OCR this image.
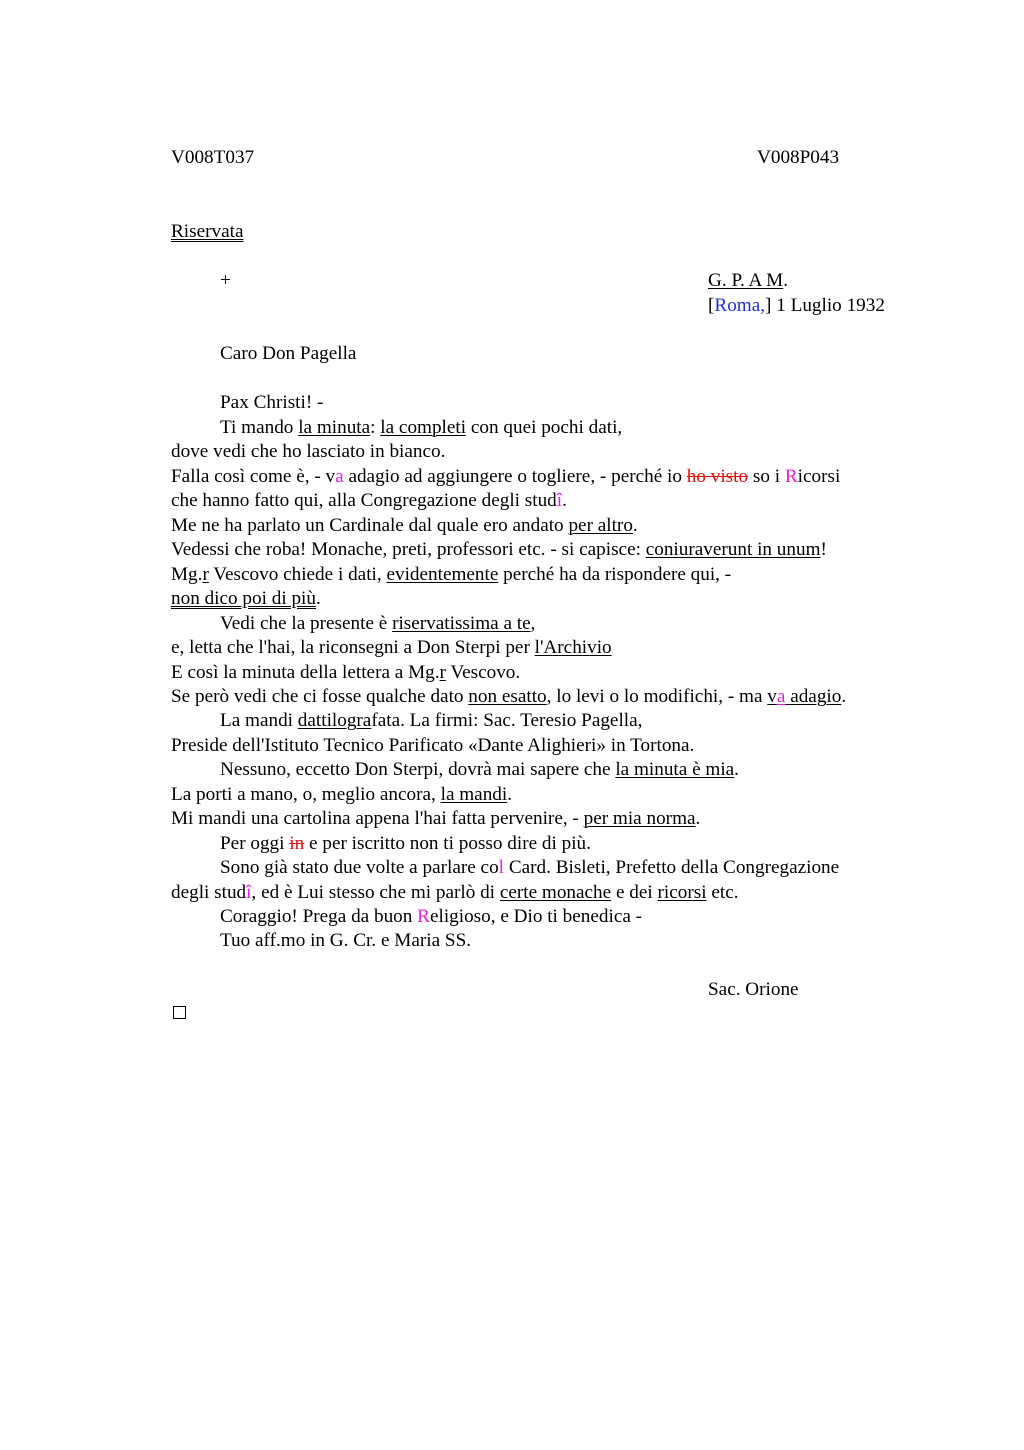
V008T037	V008P043
Riservata
+	G. P. A M.
[Roma,] 1 Luglio 1932
Caro Don Pagella
Pax Christi! -
Ti mando la minuta: la completi con quei pochi dati,
dove vedi che ho lasciato in bianco.
Falla così come è, - va adagio ad aggiungere o togliere, - perché io ho visto so i Ricorsi
che hanno fatto qui, alla Congregazione degli studî.
Me ne ha parlato un Cardinale dal quale ero andato per altro.
Vedessi che roba! Monache, preti, professori etc. - si capisce: coniuraverunt in unum!
Mg.r Vescovo chiede i dati, evidentemente perché ha da rispondere qui, -
non dico poi di più.
Vedi che la presente è riservatissima a te,
e, letta che l'hai, la riconsegni a Don Sterpi per l'Archivio
E così la minuta della lettera a Mg.r Vescovo.
Se però vedi che ci fosse qualche dato non esatto, lo levi o lo modifichi, - ma va adagio.
La mandi dattilografata. La firmi: Sac. Teresio Pagella,
Preside dell'Istituto Tecnico Parificato «Dante Alighieri» in Tortona.
Nessuno, eccetto Don Sterpi, dovrà mai sapere che la minuta è mia.
La porti a mano, o, meglio ancora, la mandi.
Mi mandi una cartolina appena l'hai fatta pervenire, - per mia norma.
Per oggi in e per iscritto non ti posso dire di più.
Sono già stato due volte a parlare col Card. Bisleti, Prefetto della Congregazione
degli studî, ed è Lui stesso che mi parlò di certe monache e dei ricorsi etc.
Coraggio! Prega da buon Religioso, e Dio ti benedica -
Tuo aff.mo in G. Cr. e Maria SS.
Sac. Orione
